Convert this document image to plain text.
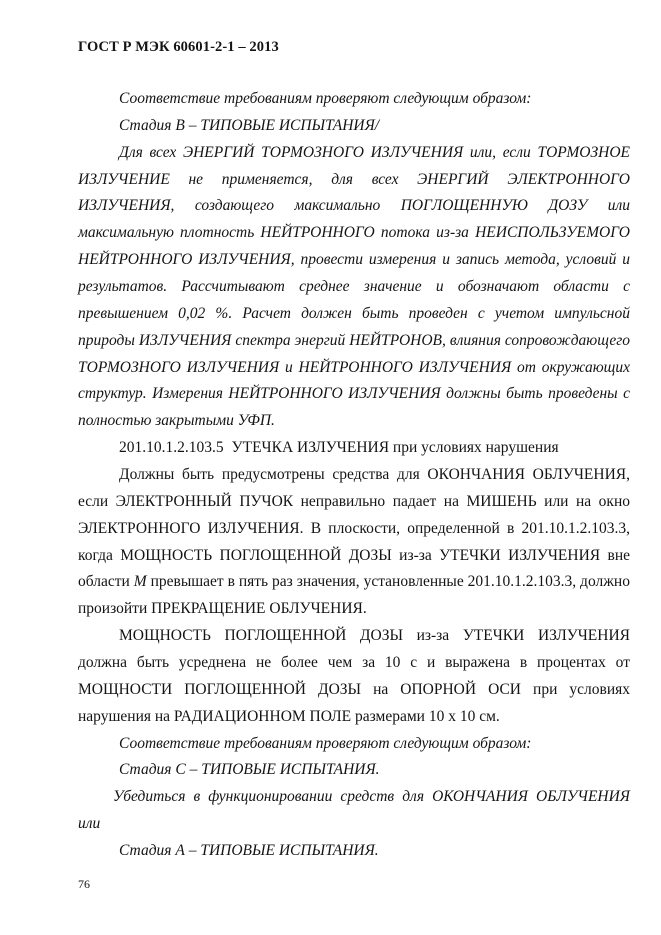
ГОСТ Р МЭК 60601-2-1 – 2013

Соответствие требованиям проверяют следующим образом:

Стадия В – ТИПОВЫЕ ИСПЫТАНИЯ/

Для всех ЭНЕРГИЙ ТОРМОЗНОГО ИЗЛУЧЕНИЯ или, если ТОРМОЗНОЕ ИЗЛУЧЕНИЕ не применяется, для всех ЭНЕРГИЙ ЭЛЕКТРОННОГО ИЗЛУЧЕНИЯ, создающего максимально ПОГЛОЩЕННУЮ ДОЗУ или максимальную плотность НЕЙТРОННОГО потока из-за НЕИСПОЛЬЗУЕМОГО НЕЙТРОННОГО ИЗЛУЧЕНИЯ, провести измерения и запись метода, условий и результатов. Рассчитывают среднее значение и обозначают области с превышением 0,02 %. Расчет должен быть проведен с учетом импульсной природы ИЗЛУЧЕНИЯ спектра энергий НЕЙТРОНОВ, влияния сопровождающего ТОРМОЗНОГО ИЗЛУЧЕНИЯ и НЕЙТРОННОГО ИЗЛУЧЕНИЯ от окружающих структур. Измерения НЕЙТРОННОГО ИЗЛУЧЕНИЯ должны быть проведены с полностью закрытыми УФП.

201.10.1.2.103.5 УТЕЧКА ИЗЛУЧЕНИЯ при условиях нарушения

Должны быть предусмотрены средства для ОКОНЧАНИЯ ОБЛУЧЕНИЯ, если ЭЛЕКТРОННЫЙ ПУЧОК неправильно падает на МИШЕНЬ или на окно ЭЛЕКТРОННОГО ИЗЛУЧЕНИЯ. В плоскости, определенной в 201.10.1.2.103.3, когда МОЩНОСТЬ ПОГЛОЩЕННОЙ ДОЗЫ из-за УТЕЧКИ ИЗЛУЧЕНИЯ вне области M превышает в пять раз значения, установленные 201.10.1.2.103.3, должно произойти ПРЕКРАЩЕНИЕ ОБЛУЧЕНИЯ.

МОЩНОСТЬ ПОГЛОЩЕННОЙ ДОЗЫ из-за УТЕЧКИ ИЗЛУЧЕНИЯ должна быть усреднена не более чем за 10 с и выражена в процентах от МОЩНОСТИ ПОГЛОЩЕННОЙ ДОЗЫ на ОПОРНОЙ ОСИ при условиях нарушения на РАДИАЦИОННОМ ПОЛЕ размерами 10 x 10 см.

Соответствие требованиям проверяют следующим образом:

Стадия С – ТИПОВЫЕ ИСПЫТАНИЯ.

Убедиться в функционировании средств для ОКОНЧАНИЯ ОБЛУЧЕНИЯ или

Стадия А – ТИПОВЫЕ ИСПЫТАНИЯ.

76
